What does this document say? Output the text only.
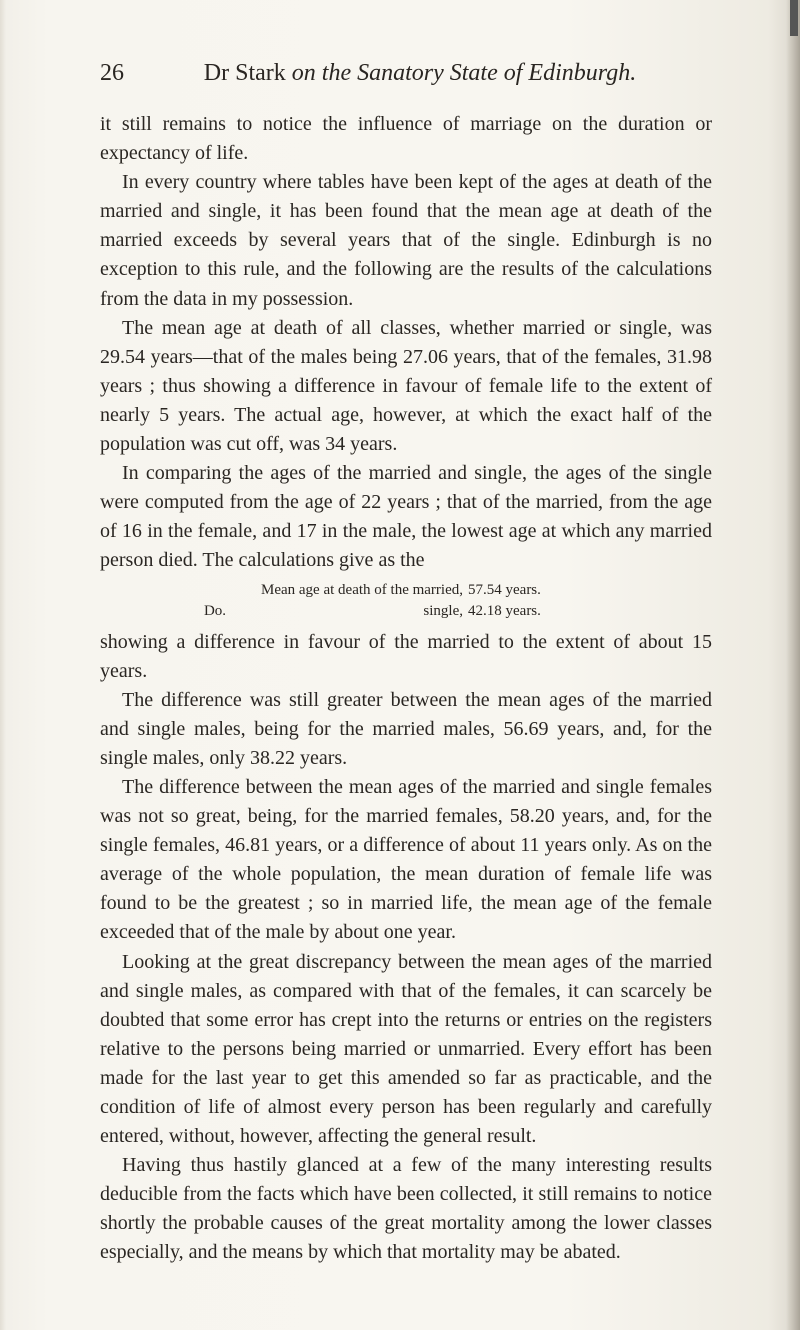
26	Dr Stark on the Sanatory State of Edinburgh.

it still remains to notice the influence of marriage on the duration or expectancy of life.

In every country where tables have been kept of the ages at death of the married and single, it has been found that the mean age at death of the married exceeds by several years that of the single. Edinburgh is no exception to this rule, and the following are the results of the calculations from the data in my possession.

The mean age at death of all classes, whether married or single, was 29.54 years—that of the males being 27.06 years, that of the females, 31.98 years ; thus showing a difference in favour of female life to the extent of nearly 5 years. The actual age, however, at which the exact half of the population was cut off, was 34 years.

In comparing the ages of the married and single, the ages of the single were computed from the age of 22 years ; that of the married, from the age of 16 in the female, and 17 in the male, the lowest age at which any married person died. The calculations give as the

Mean age at death of the married, 57.54 years.
Do.	single, 42.18 years.

showing a difference in favour of the married to the extent of about 15 years.

The difference was still greater between the mean ages of the married and single males, being for the married males, 56.69 years, and, for the single males, only 38.22 years.

The difference between the mean ages of the married and single females was not so great, being, for the married females, 58.20 years, and, for the single females, 46.81 years, or a difference of about 11 years only. As on the average of the whole population, the mean duration of female life was found to be the greatest ; so in married life, the mean age of the female exceeded that of the male by about one year.

Looking at the great discrepancy between the mean ages of the married and single males, as compared with that of the females, it can scarcely be doubted that some error has crept into the returns or entries on the registers relative to the persons being married or unmarried. Every effort has been made for the last year to get this amended so far as practicable, and the condition of life of almost every person has been regularly and carefully entered, without, however, affecting the general result.

Having thus hastily glanced at a few of the many interesting results deducible from the facts which have been collected, it still remains to notice shortly the probable causes of the great mortality among the lower classes especially, and the means by which that mortality may be abated.
